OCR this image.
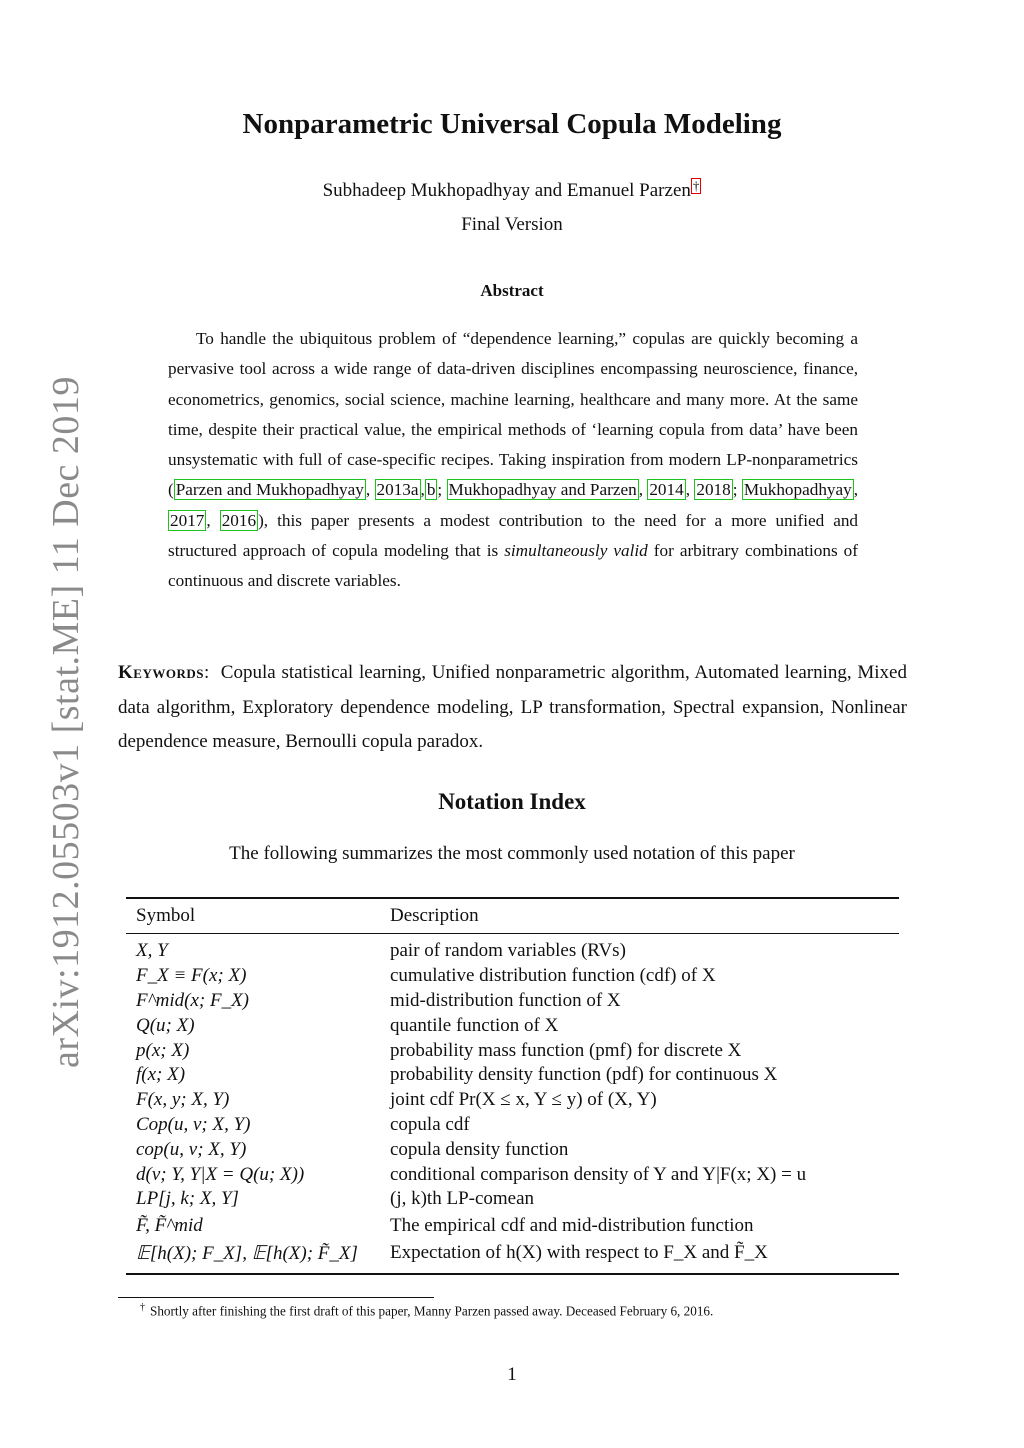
arXiv:1912.05503v1 [stat.ME] 11 Dec 2019
Nonparametric Universal Copula Modeling
Subhadeep Mukhopadhyay and Emanuel Parzen †
Final Version
Abstract

To handle the ubiquitous problem of “dependence learning,” copulas are quickly becoming a pervasive tool across a wide range of data-driven disciplines encompassing neuroscience, finance, econometrics, genomics, social science, machine learning, healthcare and many more. At the same time, despite their practical value, the empirical methods of ‘learning copula from data’ have been unsystematic with full of case-specific recipes. Taking inspiration from modern LP-nonparametrics ( Parzen and Mukhopadhyay , 2013a , b ; Mukhopadhyay and Parzen , 2014 , 2018 ; Mukhopadhyay , 2017 , 2016 ), this paper presents a modest contribution to the need for a more unified and structured approach of copula modeling that is simultaneously valid for arbitrary combinations of continuous and discrete variables.

Keywords:  Copula statistical learning, Unified nonparametric algorithm, Automated learning, Mixed data algorithm, Exploratory dependence modeling, LP transformation, Spectral expansion, Nonlinear dependence measure, Bernoulli copula paradox.

Notation Index
The following summarizes the most commonly used notation of this paper
Symbol	Description
X, Y	pair of random variables (RVs)
F_X ≡ F(x; X)	cumulative distribution function (cdf) of X
F^mid(x; F_X)	mid-distribution function of X
Q(u; X)	quantile function of X
p(x; X)	probability mass function (pmf) for discrete X
f(x; X)	probability density function (pdf) for continuous X
F(x, y; X, Y)	joint cdf Pr(X ≤ x, Y ≤ y) of (X, Y)
Cop(u, v; X, Y)	copula cdf
cop(u, v; X, Y)	copula density function
d(v; Y, Y|X = Q(u; X))	conditional comparison density of Y and Y|F(x; X) = u
LP[j, k; X, Y]	(j, k)th LP-comean
F̃, F̃^mid	The empirical cdf and mid-distribution function
𝔼[h(X); F_X], 𝔼[h(X); F̃_X]	Expectation of h(X) with respect to F_X and F̃_X
† Shortly after finishing the first draft of this paper, Manny Parzen passed away. Deceased February 6, 2016.
1
